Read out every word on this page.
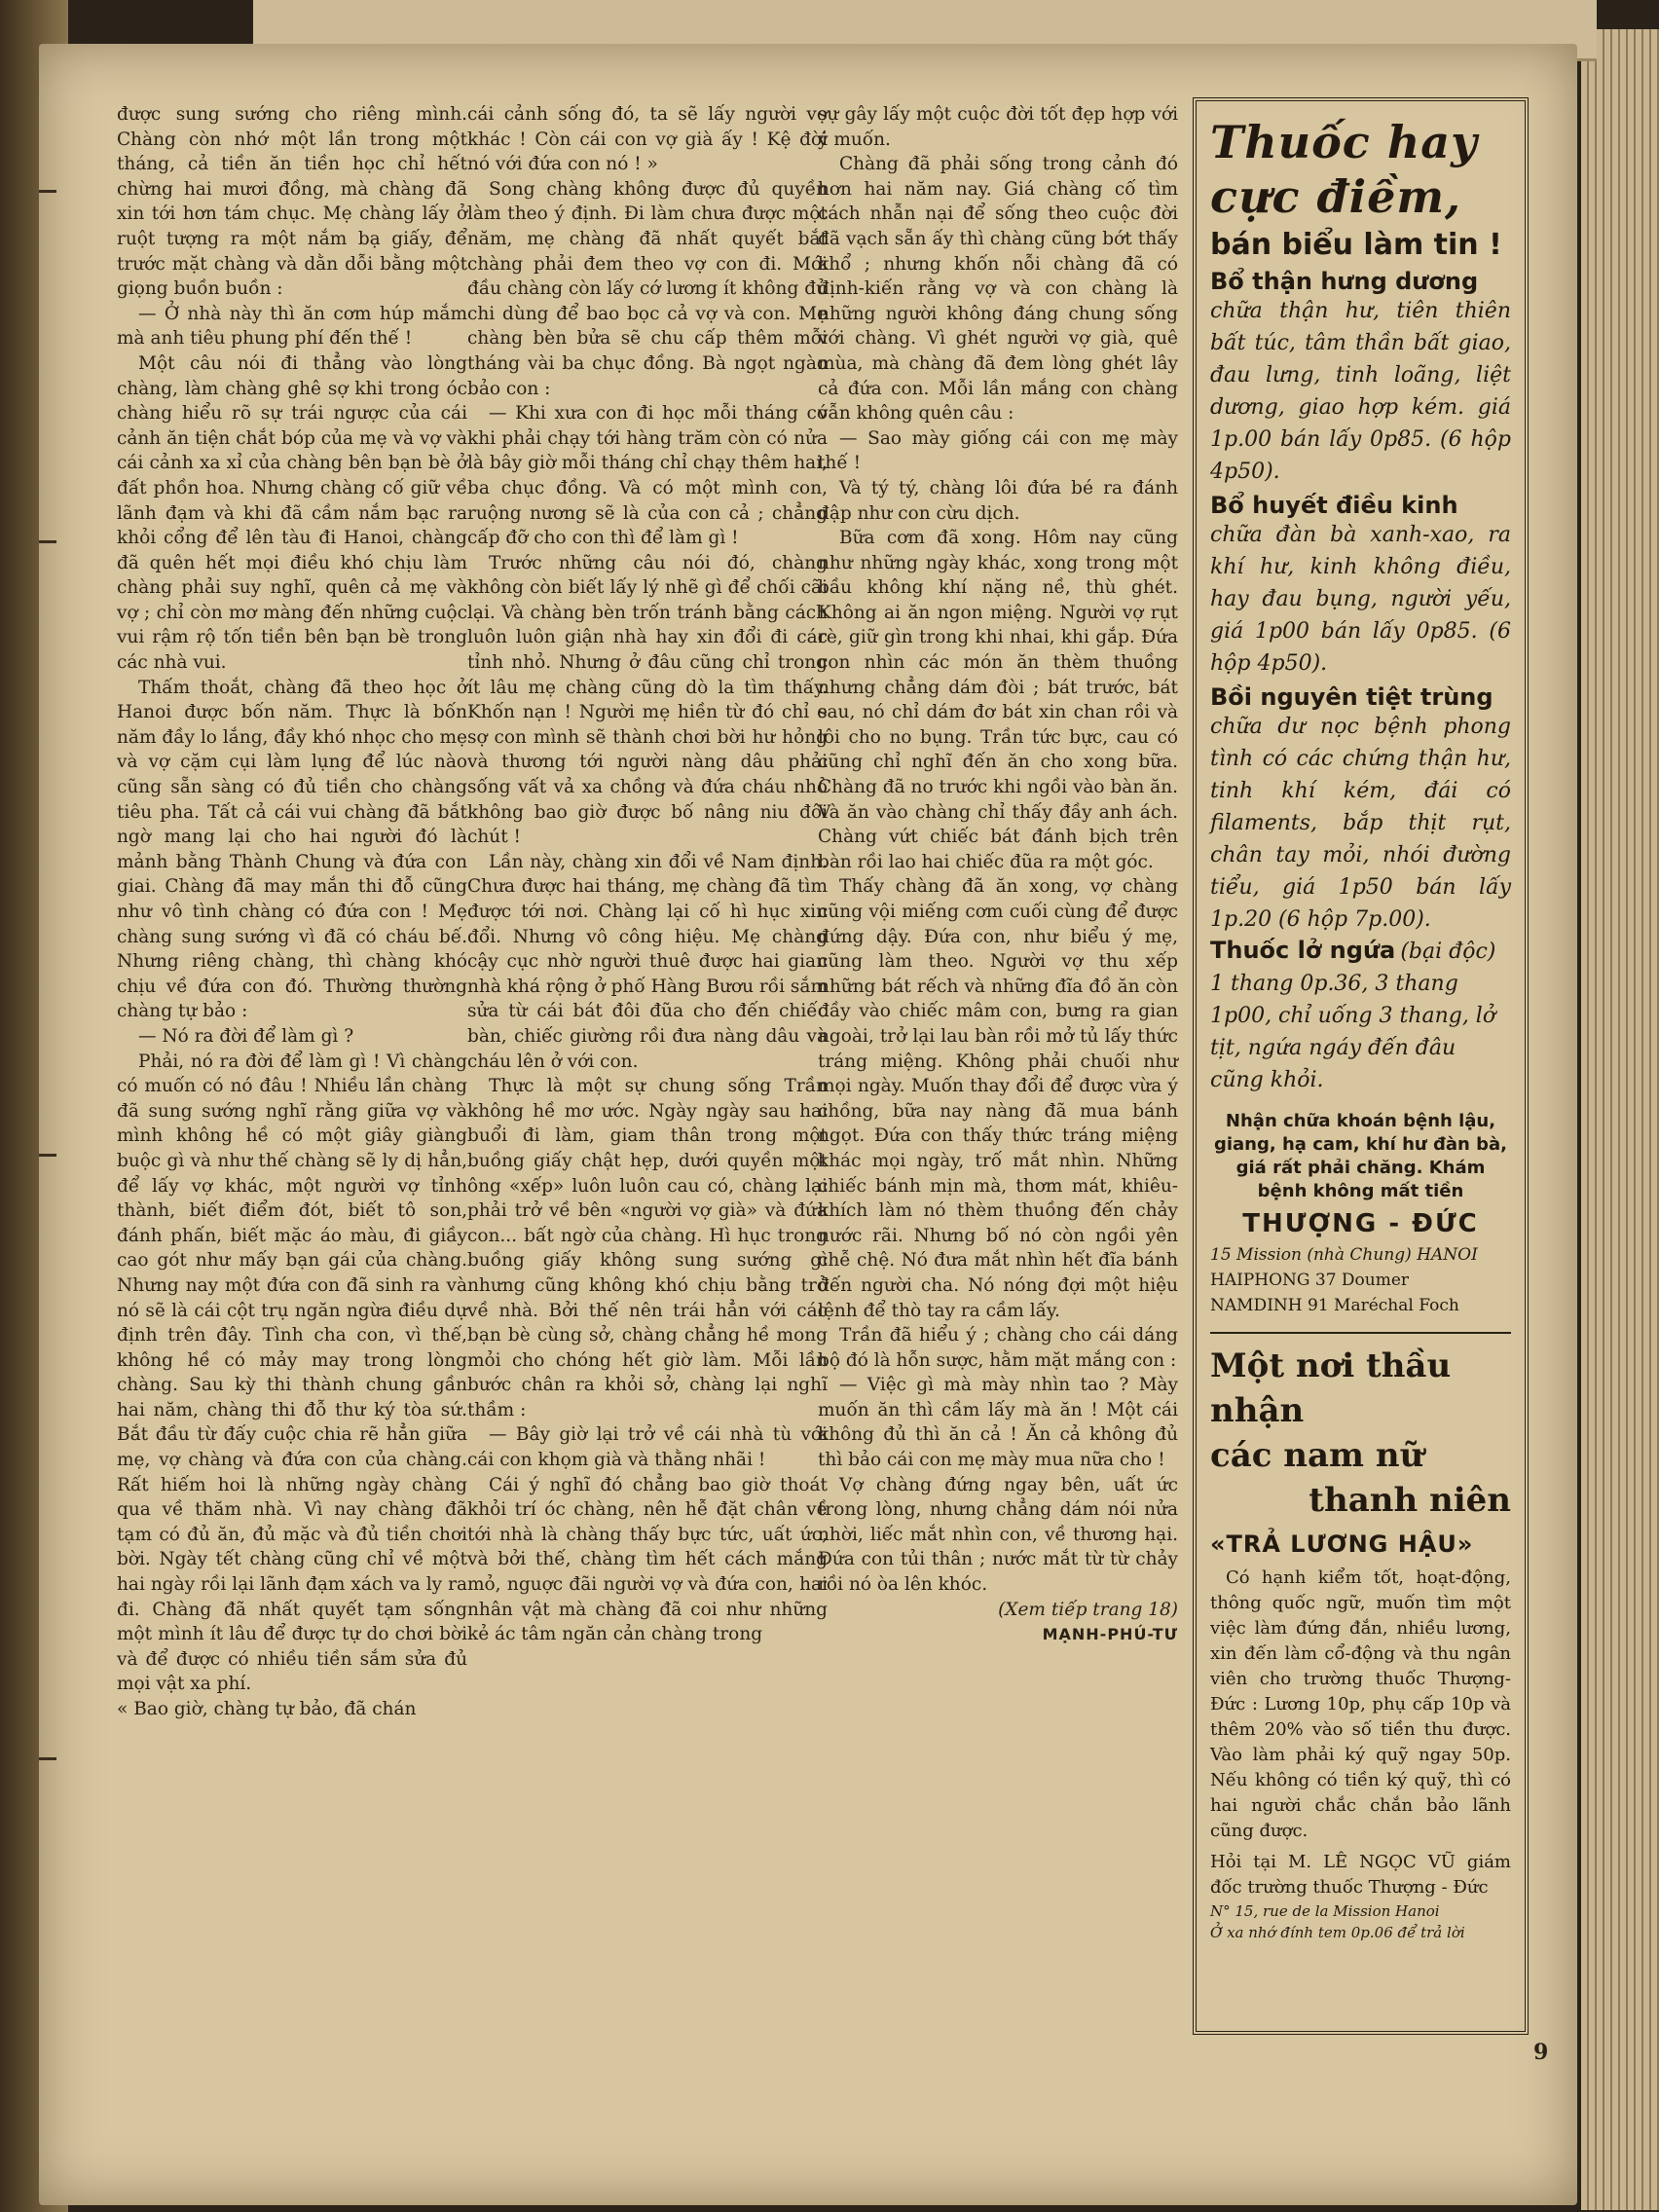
được sung sướng cho riêng mình. Chàng còn nhớ một lần trong một tháng, cả tiền ăn tiền học chỉ hết chừng hai mươi đồng, mà chàng đã xin tới hơn tám chục. Mẹ chàng lấy ở ruột tượng ra một nắm bạ giấy, để trước mặt chàng và dằn dỗi bằng một giọng buồn buồn :

— Ở nhà này thì ăn cơm húp mắm mà anh tiêu phung phí đến thế !

Một câu nói đi thẳng vào lòng chàng, làm chàng ghê sợ khi trong óc chàng hiểu rõ sự trái ngược của cái cảnh ăn tiện chắt bóp của mẹ và vợ và cái cảnh xa xỉ của chàng bên bạn bè ở đất phồn hoa. Nhưng chàng cố giữ về lãnh đạm và khi đã cầm nắm bạc ra khỏi cổng để lên tàu đi Hanoi, chàng đã quên hết mọi điều khó chịu làm chàng phải suy nghĩ, quên cả mẹ và vợ ; chỉ còn mơ màng đến những cuộc vui rậm rộ tốn tiền bên bạn bè trong các nhà vui.

Thấm thoắt, chàng đã theo học ở Hanoi được bốn năm. Thực là bốn năm đầy lo lắng, đầy khó nhọc cho mẹ và vợ cặm cụi làm lụng để lúc nào cũng sẵn sàng có đủ tiền cho chàng tiêu pha. Tất cả cái vui chàng đã bắt ngờ mang lại cho hai người đó là mảnh bằng Thành Chung và đứa con giai. Chàng đã may mắn thi đỗ cũng như vô tình chàng có đứa con ! Mẹ chàng sung sướng vì đã có cháu bế. Nhưng riêng chàng, thì chàng khó chịu về đứa con đó. Thường thường chàng tự bảo :

— Nó ra đời để làm gì ?

Phải, nó ra đời để làm gì ! Vì chàng có muốn có nó đâu ! Nhiều lần chàng đã sung sướng nghĩ rằng giữa vợ và mình không hề có một giây giàng buộc gì và như thế chàng sẽ ly dị hẳn, để lấy vợ khác, một người vợ tỉnh thành, biết điểm đót, biết tô son, đánh phấn, biết mặc áo màu, đi giầy cao gót như mấy bạn gái của chàng. Nhưng nay một đứa con đã sinh ra và nó sẽ là cái cột trụ ngăn ngừa điều dự định trên đây. Tình cha con, vì thế, không hề có mảy may trong lòng chàng. Sau kỳ thi thành chung gần hai năm, chàng thi đỗ thư ký tòa sứ. Bắt đầu từ đấy cuộc chia rẽ hẳn giữa mẹ, vợ chàng và đứa con của chàng. Rất hiếm hoi là những ngày chàng qua về thăm nhà. Vì nay chàng đã tạm có đủ ăn, đủ mặc và đủ tiền chơi bời. Ngày tết chàng cũng chỉ về một hai ngày rồi lại lãnh đạm xách va ly ra đi. Chàng đã nhất quyết tạm sống một mình ít lâu để được tự do chơi bời và để được có nhiều tiền sắm sửa đủ mọi vật xa phí.

« Bao giờ, chàng tự bảo, đã chán

cái cảnh sống đó, ta sẽ lấy người vợ khác ! Còn cái con vợ già ấy ! Kệ đời nó với đứa con nó ! »

Song chàng không được đủ quyền làm theo ý định. Đi làm chưa được một năm, mẹ chàng đã nhất quyết bắt chàng phải đem theo vợ con đi. Mới đầu chàng còn lấy cớ lương ít không đủ chi dùng để bao bọc cả vợ và con. Mẹ chàng bèn bửa sẽ chu cấp thêm mỗi tháng vài ba chục đồng. Bà ngọt ngào bảo con :

— Khi xưa con đi học mỗi tháng có khi phải chạy tới hàng trăm còn có nửa là bây giờ mỗi tháng chỉ chạy thêm hai, ba chục đồng. Và có một mình con, ruộng nương sẽ là của con cả ; chẳng cấp đỡ cho con thì để làm gì !

Trước những câu nói đó, chàng không còn biết lấy lý nhẽ gì để chối cãi lại. Và chàng bèn trốn tránh bằng cách luôn luôn giận nhà hay xin đổi đi các tỉnh nhỏ. Nhưng ở đâu cũng chỉ trong ít lâu mẹ chàng cũng dò la tìm thấy. Khốn nạn ! Người mẹ hiền từ đó chỉ e sợ con mình sẽ thành chơi bời hư hỏng và thương tới người nàng dâu phải sống vất vả xa chồng và đứa cháu nhỏ không bao giờ được bố nâng niu đôi chút !

Lần này, chàng xin đổi về Nam định. Chưa được hai tháng, mẹ chàng đã tìm được tới nơi. Chàng lại cố hì hục xin đổi. Nhưng vô công hiệu. Mẹ chàng cậy cục nhờ người thuê được hai gian nhà khá rộng ở phố Hàng Bươu rồi sắm sửa từ cái bát đôi đũa cho đến chiếc bàn, chiếc giường rồi đưa nàng dâu và cháu lên ở với con.

Thực là một sự chung sống Trần không hề mơ ước. Ngày ngày sau hai buổi đi làm, giam thân trong một buồng giấy chật hẹp, dưới quyền một ông «xếp» luôn luôn cau có, chàng lại phải trở về bên «người vợ già» và đứa con... bất ngờ của chàng. Hì hục trong buồng giấy không sung sướng gì nhưng cũng không khó chịu bằng trở về nhà. Bởi thế nên trái hẳn với các bạn bè cùng sở, chàng chẳng hề mong mỏi cho chóng hết giờ làm. Mỗi lần bước chân ra khỏi sở, chàng lại nghĩ thầm :

— Bây giờ lại trở về cái nhà tù với cái con khọm già và thằng nhãi !

Cái ý nghĩ đó chẳng bao giờ thoát khỏi trí óc chàng, nên hễ đặt chân về tới nhà là chàng thấy bực tức, uất ức, và bởi thế, chàng tìm hết cách mắng mỏ, nguợc đãi người vợ và đứa con, hai nhân vật mà chàng đã coi như những kẻ ác tâm ngăn cản chàng trong

sự gây lấy một cuộc đời tốt đẹp hợp với ý muốn.

Chàng đã phải sống trong cảnh đó hơn hai năm nay. Giá chàng cố tìm cách nhẫn nại để sống theo cuộc đời đã vạch sẵn ấy thì chàng cũng bớt thấy khổ ; nhưng khốn nỗi chàng đã có định-kiến rằng vợ và con chàng là những người không đáng chung sống với chàng. Vì ghét người vợ già, quê mùa, mà chàng đã đem lòng ghét lây cả đứa con. Mỗi lần mắng con chàng vẫn không quên câu :

— Sao mày giống cái con mẹ mày thế !

Và tý tý, chàng lôi đứa bé ra đánh đập như con cừu dịch.

Bữa cơm đã xong. Hôm nay cũng như những ngày khác, xong trong một bầu không khí nặng nề, thù ghét. Không ai ăn ngon miệng. Người vợ rụt rè, giữ gìn trong khi nhai, khi gắp. Đứa con nhìn các món ăn thèm thuồng nhưng chẳng dám đòi ; bát trước, bát sau, nó chỉ dám đơ bát xin chan rồi và lôi cho no bụng. Trần tức bực, cau có cũng chỉ nghĩ đến ăn cho xong bữa. Chàng đã no trước khi ngồi vào bàn ăn. Và ăn vào chàng chỉ thấy đầy anh ách. Chàng vứt chiếc bát đánh bịch trên bàn rồi lao hai chiếc đũa ra một góc.

Thấy chàng đã ăn xong, vợ chàng cũng vội miếng cơm cuối cùng để được đứng dậy. Đứa con, như biểu ý mẹ, cũng làm theo. Người vợ thu xếp những bát rếch và những đĩa đồ ăn còn đầy vào chiếc mâm con, bưng ra gian ngoài, trở lại lau bàn rồi mở tủ lấy thức tráng miệng. Không phải chuối như mọi ngày. Muốn thay đổi để được vừa ý chồng, bữa nay nàng đã mua bánh ngọt. Đứa con thấy thức tráng miệng khác mọi ngày, trố mắt nhìn. Những chiếc bánh mịn mà, thơm mát, khiêu-khích làm nó thèm thuồng đến chảy nước rãi. Nhưng bố nó còn ngồi yên chễ chệ. Nó đưa mắt nhìn hết đĩa bánh đến người cha. Nó nóng đợi một hiệu lệnh để thò tay ra cầm lấy.

Trần đã hiểu ý ; chàng cho cái dáng bộ đó là hỗn sược, hằm mặt mắng con :

— Việc gì mà mày nhìn tao ? Mày muốn ăn thì cầm lấy mà ăn ! Một cái không đủ thì ăn cả ! Ăn cả không đủ thì bảo cái con mẹ mày mua nữa cho !

Vợ chàng đứng ngay bên, uất ức trong lòng, nhưng chẳng dám nói nửa nhời, liếc mắt nhìn con, về thương hại. Đứa con tủi thân ; nước mắt từ từ chảy rồi nó òa lên khóc.

(Xem tiếp trang 18)

MẠNH-PHÚ-TƯ

Thuốc hay

cực điềm,

bán biểu làm tin !

Bổ thận hưng dương

chữa thận hư, tiên thiên bất túc, tâm thần bất giao, đau lưng, tinh loãng, liệt dương, giao hợp kém. giá 1p.00 bán lấy 0p85. (6 hộp 4p50).

Bổ huyết điều kinh

chữa đàn bà xanh-xao, ra khí hư, kinh không điều, hay đau bụng, người yếu, giá 1p00 bán lấy 0p85. (6 hộp 4p50).

Bồi nguyên tiệt trùng

chữa dư nọc bệnh phong tình có các chứng thận hư, tinh khí kém, đái có filaments, bắp thịt rụt, chân tay mỏi, nhói đường tiểu, giá 1p50 bán lấy 1p.20 (6 hộp 7p.00).

Thuốc lở ngứa

(bại độc) 1 thang 0p.36, 3 thang 1p00, chỉ uống 3 thang, lở tịt, ngứa ngáy đến đâu cũng khỏi.

Nhận chữa khoán bệnh lậu, giang, hạ cam, khí hư đàn bà, giá rất phải chăng. Khám bệnh không mất tiền

THƯỢNG - ĐỨC

15 Mission (nhà Chung) HANOI

HAIPHONG 37 Doumer

NAMDINH 91 Maréchal Foch

Một nơi thầu nhận

các nam nữ

thanh niên

«TRẢ LƯƠNG HẬU»

Có hạnh kiểm tốt, hoạt-động, thông quốc ngữ, muốn tìm một việc làm đứng đắn, nhiều lương, xin đến làm cổ-động và thu ngân viên cho trường thuốc Thượng-Đức : Lương 10p, phụ cấp 10p và thêm 20% vào số tiền thu được. Vào làm phải ký quỹ ngay 50p. Nếu không có tiền ký quỹ, thì có hai người chắc chắn bảo lãnh cũng được.

Hỏi tại M. LÊ NGỌC VŨ giám đốc trường thuốc Thượng - Đức

N° 15, rue de la Mission Hanoi

Ở xa nhớ đính tem 0p.06 để trả lời

9
